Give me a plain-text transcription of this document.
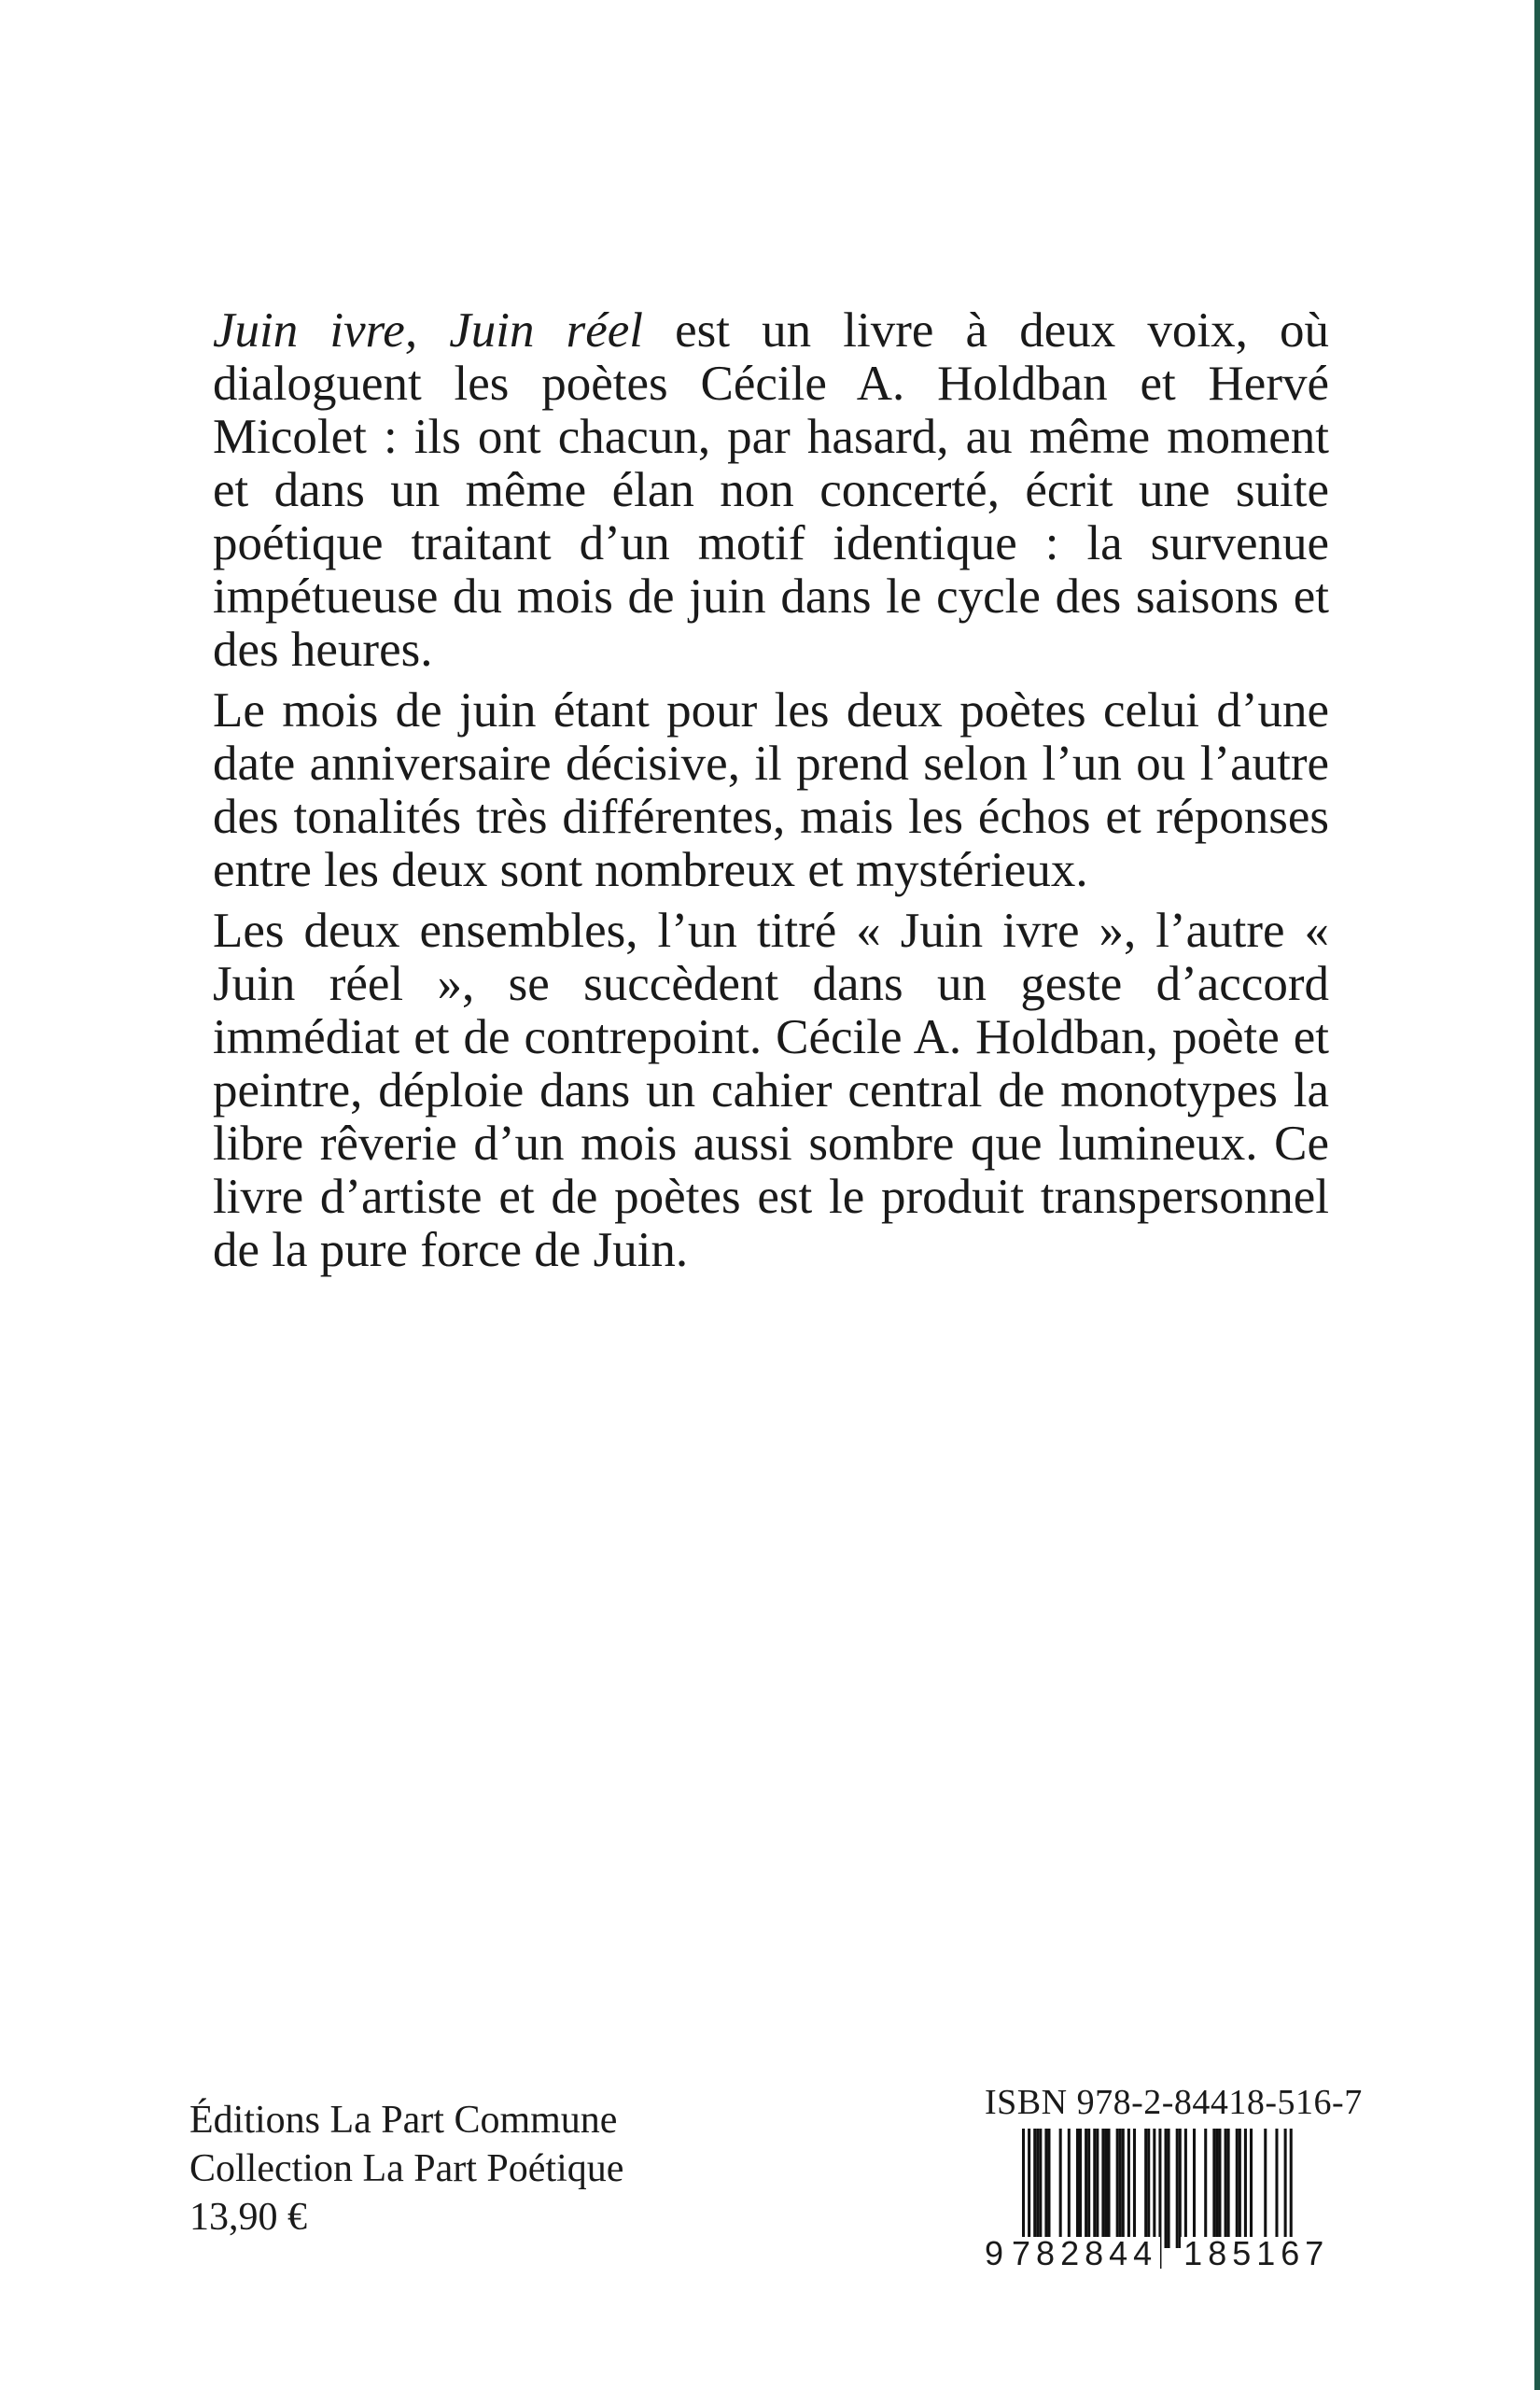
Juin ivre, Juin réel est un livre à deux voix, où dialoguent les poètes Cécile A. Holdban et Hervé Micolet : ils ont chacun, par hasard, au même moment et dans un même élan non concerté, écrit une suite poétique traitant d’un motif identique : la survenue impétueuse du mois de juin dans le cycle des saisons et des heures.

Le mois de juin étant pour les deux poètes celui d’une date anniversaire décisive, il prend selon l’un ou l’autre des tonalités très différentes, mais les échos et réponses entre les deux sont nombreux et mystérieux.

Les deux ensembles, l’un titré « Juin ivre », l’autre « Juin réel », se succèdent dans un geste d’accord immédiat et de contrepoint. Cécile A. Holdban, poète et peintre, déploie dans un cahier central de monotypes la libre rêverie d’un mois aussi sombre que lumineux. Ce livre d’artiste et de poètes est le produit transpersonnel de la pure force de Juin.

Éditions La Part Commune
Collection La Part Poétique
13,90 €
ISBN 978-2-84418-516-7
9 782844 185167
